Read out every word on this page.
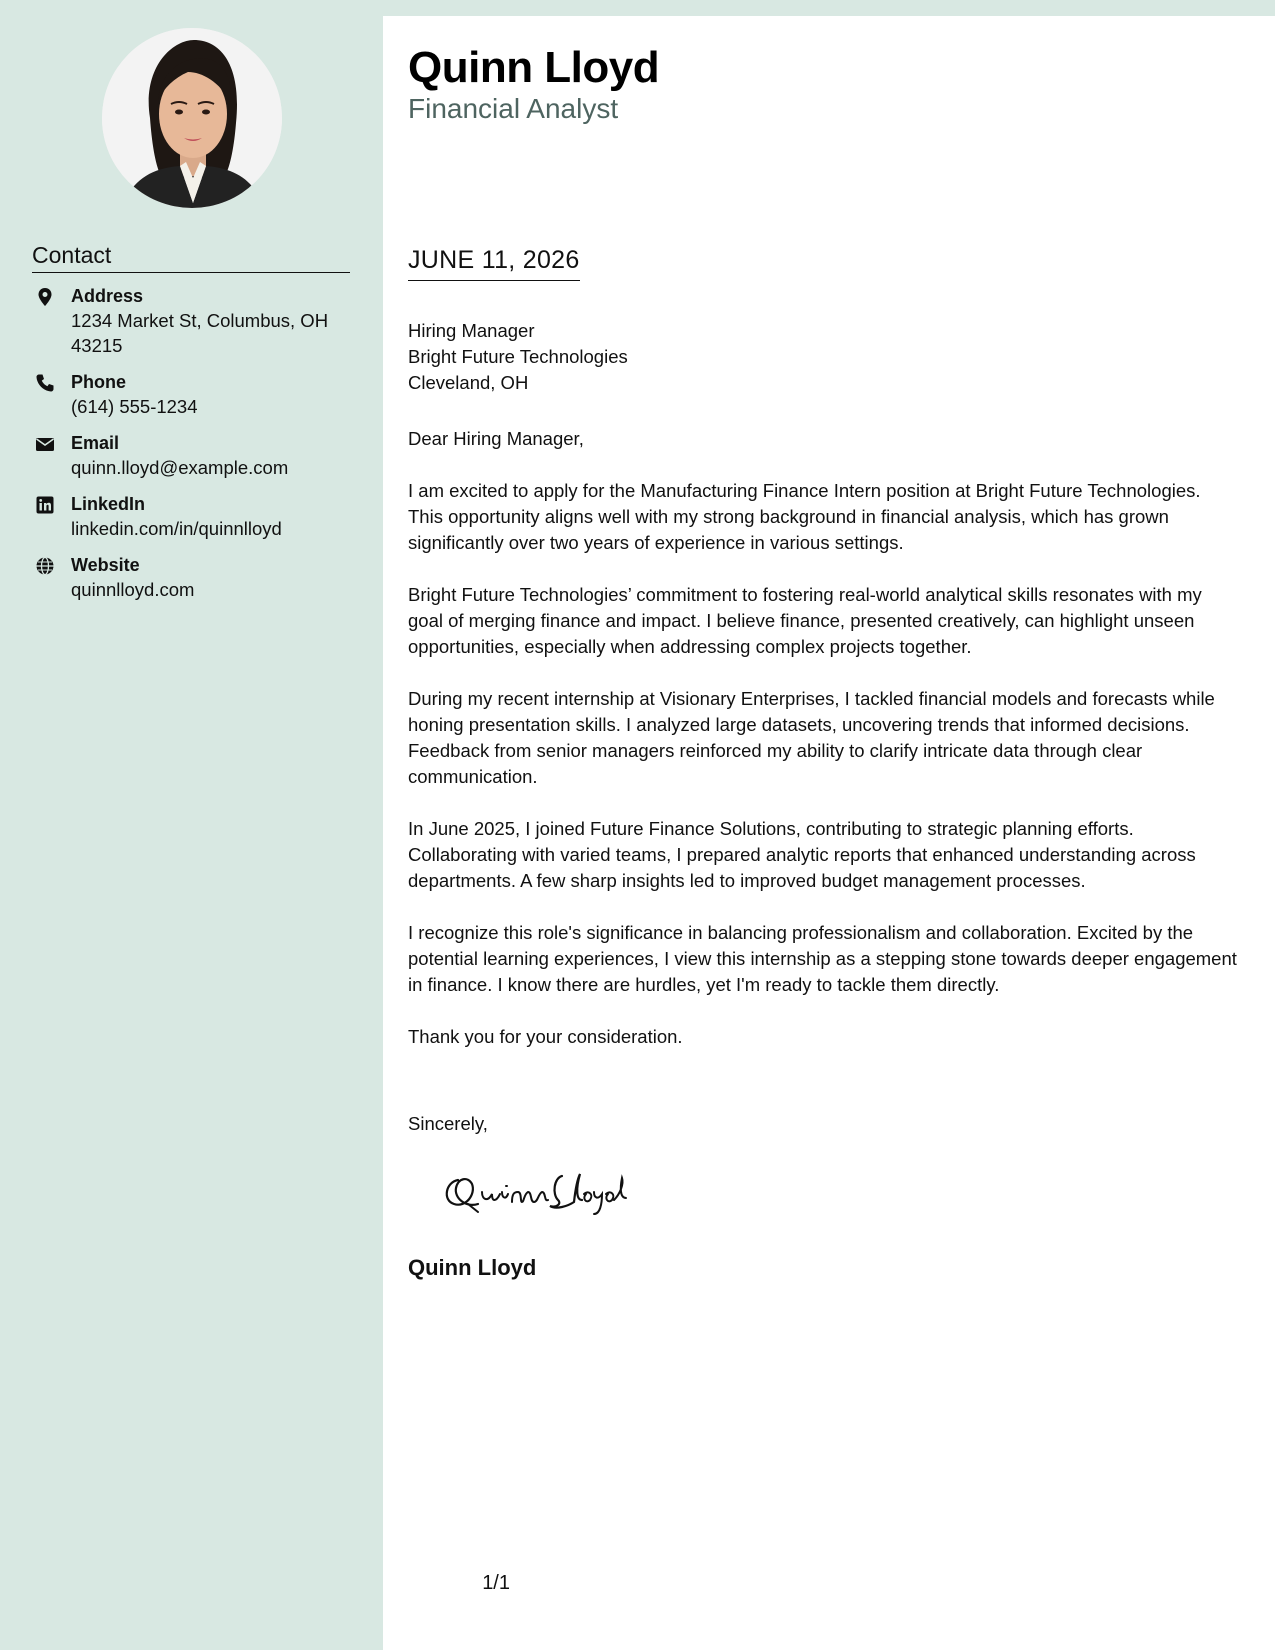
Contact
Address
1234 Market St, Columbus, OH 43215
Phone
(614) 555-1234
Email
quinn.lloyd@example.com
LinkedIn
linkedin.com/in/quinnlloyd
Website
quinnlloyd.com
Quinn Lloyd
Financial Analyst
JUNE 11, 2026
Hiring Manager
Bright Future Technologies
Cleveland, OH

Dear Hiring Manager,

I am excited to apply for the Manufacturing Finance Intern position at Bright Future Technologies. This opportunity aligns well with my strong background in financial analysis, which has grown significantly over two years of experience in various settings.

Bright Future Technologies’ commitment to fostering real-world analytical skills resonates with my goal of merging finance and impact. I believe finance, presented creatively, can highlight unseen opportunities, especially when addressing complex projects together.

During my recent internship at Visionary Enterprises, I tackled financial models and forecasts while honing presentation skills. I analyzed large datasets, uncovering trends that informed decisions. Feedback from senior managers reinforced my ability to clarify intricate data through clear communication.

In June 2025, I joined Future Finance Solutions, contributing to strategic planning efforts. Collaborating with varied teams, I prepared analytic reports that enhanced understanding across departments. A few sharp insights led to improved budget management processes.

I recognize this role's significance in balancing professionalism and collaboration. Excited by the potential learning experiences, I view this internship as a stepping stone towards deeper engagement in finance. I know there are hurdles, yet I'm ready to tackle them directly.

Thank you for your consideration.

Sincerely,
Quinn Lloyd
1/1
